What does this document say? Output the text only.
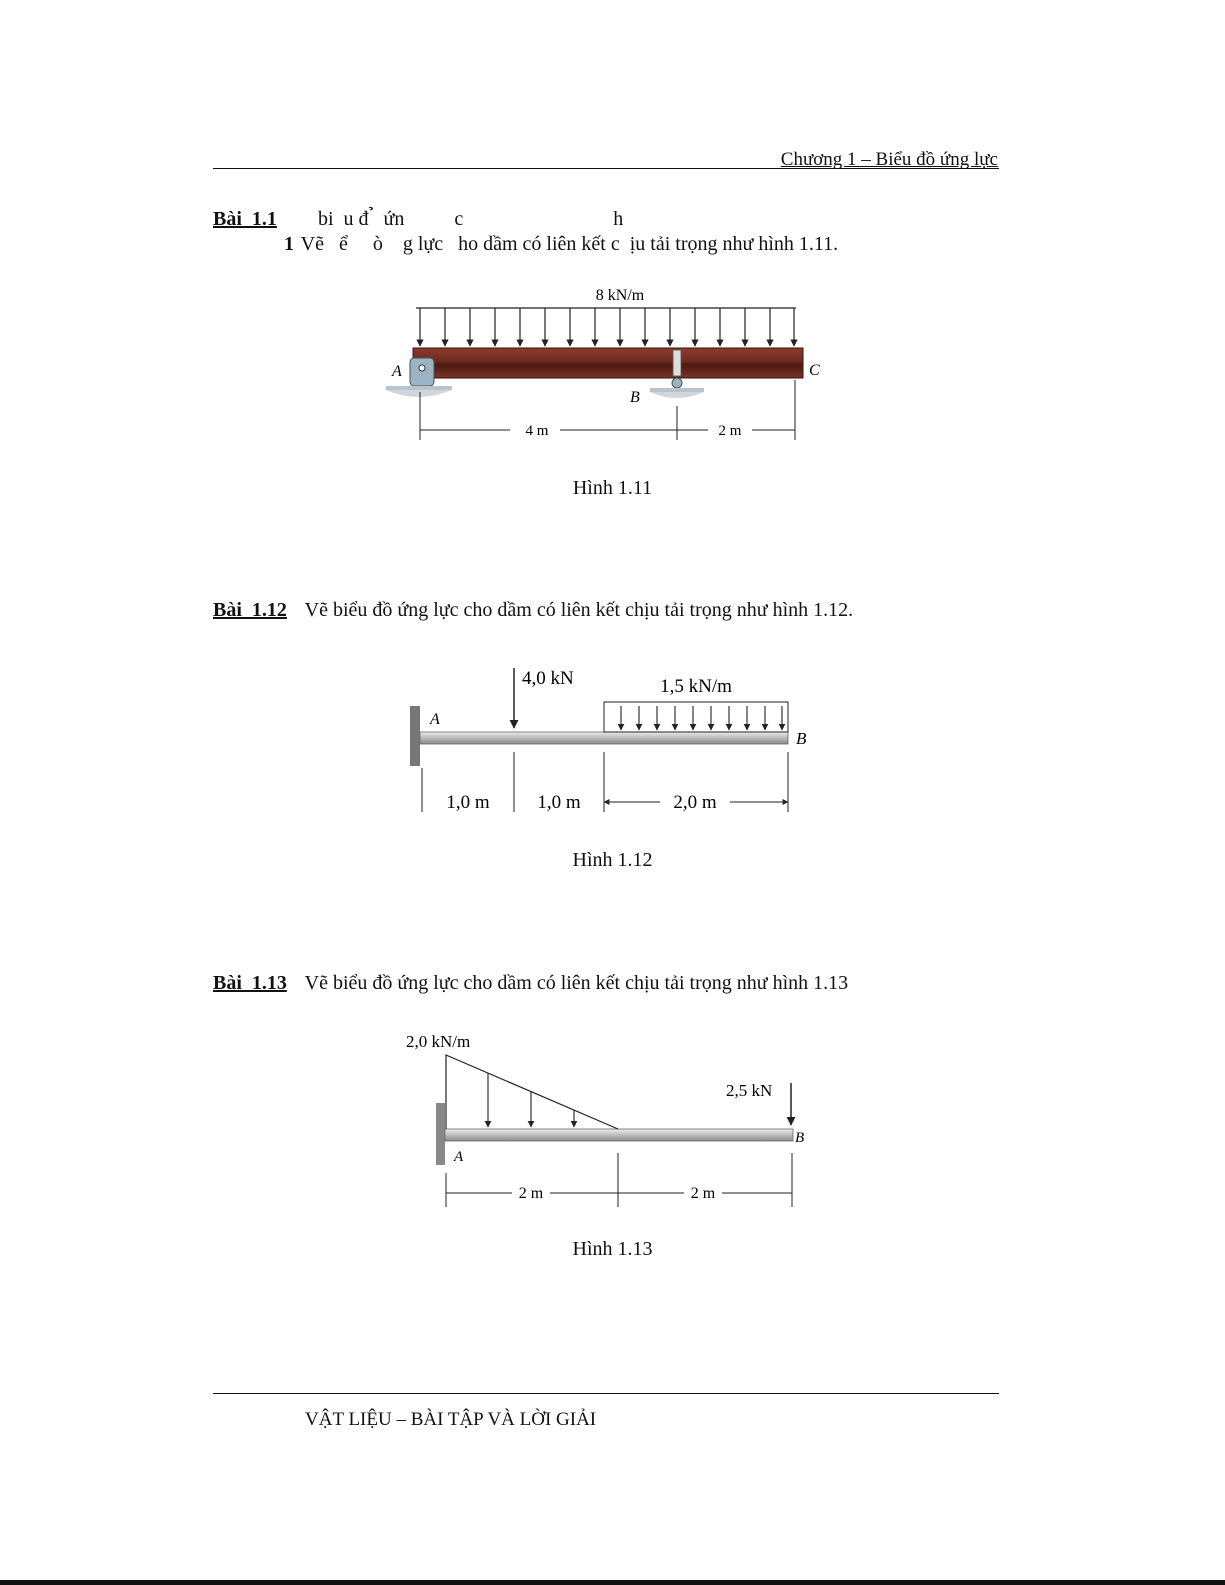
Chương 1 – Biểu đồ ứng lực
Bài  1.1 bi  u đ ̉  ứn          c                              h
1 Vẽ   ể     ò    g lực   ho dầm có liên kết c  ịu tải trọng như hình 1.11.
8 kN/m
A
B
C
4 m	2 m
Hình 1.11
Bài  1.12 Vẽ biểu đồ ứng lực cho dầm có liên kết chịu tải trọng như hình 1.12.
A
B
4,0 kN	1,5 kN/m
1,0 m	1,0 m	2,0 m
Hình 1.12
Bài  1.13 Vẽ biểu đồ ứng lực cho dầm có liên kết chịu tải trọng như hình 1.13
2,0 kN/m
2,5 kN
A
B
2 m	2 m
Hình 1.13
VẬT LIỆU – BÀI TẬP VÀ LỜI GIẢI
